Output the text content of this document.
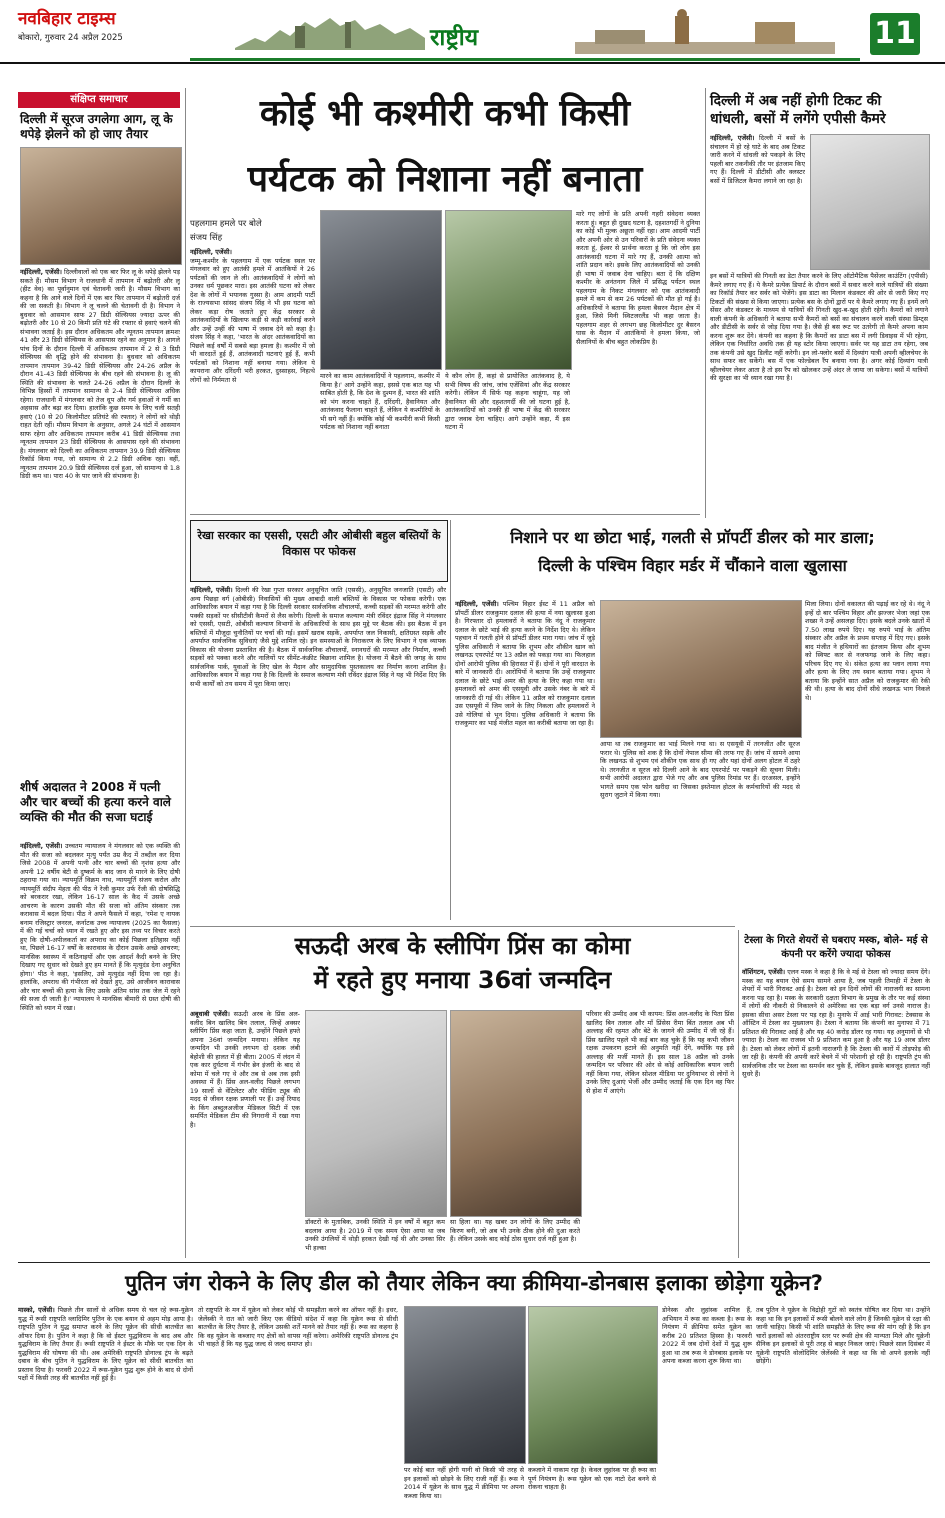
नवबिहार टाइम्स
बोकारो, गुरुवार 24 अप्रैल 2025	राष्ट्रीय	11
संक्षिप्त समाचार
दिल्ली में सूरज उगलेगा आग, लू के थपेड़े झेलने को हो जाए तैयार
नईदिल्ली, एजेंसी। दिल्लीवालों को एक बार फिर लू के थपेड़े झेलने पड़ सकते हैं। मौसम विभाग ने राजधानी में तापमान में बढ़ोतरी और लू (हीट वेव) का पूर्वानुमान एवं चेतावनी जारी है। मौसम विभाग का कहना है कि आने वाले दिनों में एक बार फिर तापमान में बढ़ोतरी दर्ज की जा सकती है। विभाग ने लू चलने की चेतावनी दी है। विभाग ने बुधवार को आसमान साफ 27 डिग्री सेल्सियस ज्यादा ऊपर की बढ़ोतरी और 10 से 20 किमी प्रति घंटे की रफ्तार से हवाएं चलने की संभावना जताई है। इस दौरान अधिकतम और न्यूनतम तापमान क्रमशः 41 और 23 डिग्री सेल्सियस के आसपास रहने का अनुमान है। आगले पांच दिनों के दौरान दिल्ली में अधिकतम तापमान में 2 से 3 डिग्री सेल्सियस की वृद्धि होने की संभावना है। बुधवार को अधिकतम तापमान तापमान 39-42 डिग्री सेल्सियस और 24-26 अप्रैल के दौरान 41-43 डिग्री सेल्सियस के बीच रहने की संभावना है। लू की स्थिति की संभावना के चलते 24-26 अप्रैल के दौरान दिल्ली के विभिन्न हिस्सों में तापमान सामान्य से 2-4 डिग्री सेल्सियस अधिक रहेगा। राजधानी में मंगलवार को तेज धूप और गर्म हवाओं ने गर्मी का अहसास और बढ़ा कर दिया। हालांकि कुछ समय के लिए चली सतही हवाएं (10 से 20 किलोमीटर प्रतिघंटे की रफ्तार) ने लोगों को थोड़ी राहत देती रहीं। मौसम विभाग के अनुसार, अगले 24 घंटों में आसमान साफ रहेगा और अधिकतम तापमान करीब 41 डिग्री सेल्सियस तथा न्यूनतम तापमान 23 डिग्री सेल्सियस के आसपास रहने की संभावना है। मंगलवार को दिल्ली का अधिकतम तापमान 39.9 डिग्री सेल्सियस रिकॉर्ड किया गया, जो सामान्य से 2.2 डिग्री अधिक रहा। वहीं, न्यूनतम तापमान 20.9 डिग्री सेल्सियस दर्ज हुआ, जो सामान्य से 1.8 डिग्री कम था। पारा 40 के पार जाने की संभावना है।
शीर्ष अदालत ने 2008 में पत्नी और चार बच्चों की हत्या करने वाले व्यक्ति की मौत की सजा घटाई
नईदिल्ली, एजेंसी। उच्चतम न्यायालय ने मंगलवार को एक व्यक्ति की मौत की सजा को बदलकर मृत्यु पर्यंत उम्र कैद में तब्दील कर दिया जिसे 2008 में अपनी पत्नी और चार बच्चों की नृशंस हत्या और अपनी 12 वर्षीय बेटी से दुष्कर्म के बाद जान से मारने के लिए दोषी ठहराया गया था। न्यायमूर्ति विक्रम नाथ, न्यायमूर्ति संजय करोल और न्यायमूर्ति संदीप मेहता की पीठ ने रेजी कुमार उर्फ रेंजी की दोषसिद्धि को बरकरार रखा, लेकिन 16-17 साल के कैद में उसके अच्छे आचरण के कारण उसकी मौत की सजा को अंतिम संस्कार तक करावास में बदल दिया। पीठ ने अपने फैसले में कहा, 'रमेश ए नायक बनाम रजिस्ट्रार जनरल, कर्नाटक उच्च न्यायालय (2025 का फैसला) में की गई चर्चा को ध्यान में रखते हुए और इस तथ्य पर विचार करते हुए कि दोषी-अपीलकर्ता का अपराध का कोई पिछला इतिहास नहीं था, पिछले 16-17 वर्षों के कारावास के दौरान उसके अच्छे आचरण; मानसिक स्वास्थ्य में कठिनाइयों और एक आदर्श कैदी बनने के लिए दिखाए गए सुधार को देखते हुए हम मानते हैं कि मृत्युदंड देना अनुचित होगा।' पीठ ने कहा, 'इसलिए, उसे मृत्युदंड नहीं दिया जा रहा है। हालांकि, अपराध की गंभीरता को देखते हुए, उसे आजीवन कारावास और चार बच्चों की हत्या के लिए उसके अंतिम सांस तक जेल में रहने की सजा दी जाती है।' न्यायालय ने मानसिक बीमारी से ग्रस्त दोषी की स्थिति को ध्यान में रखा।
कोई भी कश्मीरी कभी किसी
पर्यटक को निशाना नहीं बनाता
पहलगाम हमले पर बोले
संजय सिंह
नईदिल्ली, एजेंसी।
जम्मू-कश्मीर के पहलगाम में एक पर्यटक स्थल पर मंगलवार को हुए आतंकी हमले में आतंकियों ने 26 पर्यटकों की जान ले ली। आतंकवादियों ने लोगों को उनका धर्म पूछकर मारा। इस आतंकी घटना को लेकर देश के लोगों में भयानक गुस्सा है। आम आदमी पार्टी के राज्यसभा सांसद संजय सिंह ने भी इस घटना को लेकर कड़ा रोष जताते हुए केंद्र सरकार से आतंकवादियों के खिलाफ कड़ी से कड़ी कार्रवाई करने और उन्हें उन्हीं की भाषा में जवाब देने को कहा है। संजय सिंह ने कहा, 'भारत के अंदर आतंकवादियों का पिछले कई वर्षों में सबसे बड़ा हमला है। कश्मीर में जो भी वारदातें हुई हैं, आतंकवादी घटनाएं हुई हैं, कभी पर्यटकों को निशाना नहीं बनाया गया। लेकिन ये कायराना और दरिंदगी भरी हरकत, दुस्साहस, निहत्थे लोगों को निर्ममता से	मारने का काम आतंकवादियों ने पहलगाम, कश्मीर में किया है।' आगे उन्होंने कहा, इससे एक बात यह भी साबित होती है, कि देश के दुश्मन हैं, भारत की शांति को भंग करना चाहते हैं, दरिंदगी, हैवानियत और आतंकवाद फैलाना चाहते हैं, लेकिन ये कश्मीरियों के भी सगे नहीं हैं। क्योंकि कोई भी कश्मीरी कभी किसी पर्यटक को निशाना नहीं बनाता
ये कौन लोग हैं, कहां से प्रायोजित आतंकवाद है, ये सभी विषय की जांच, जांच एजेंसियां और केंद्र सरकार करेगी। लेकिन मैं सिर्फ यह कहना चाहूंगा, यह जो हैवानियत की और दहशतगर्दी की जो घटना हुई है, आतंकवादियों को उनकी ही भाषा में केंद्र की सरकार द्वारा जवाब देना चाहिए। आगे उन्होंने कहा, मैं इस घटना में
मारे गए लोगों के प्रति अपनी गहरी संवेदना व्यक्त करता हूं। बहुत ही दुखद घटना है, दहशतगर्दी ने दुनिया का कोई भी मुल्क अछूता नहीं रहा। आम आदमी पार्टी और अपनी ओर से उन परिवारों के प्रति संवेदना व्यक्त करता हूं, ईश्वर से प्रार्थना करता हूं कि जो लोग इस आतंकवादी घटना में मारे गए हैं, उनकी आत्मा को शांति प्रदान करे। इसके लिए आतंकवादियों को उनकी ही भाषा में जवाब देना चाहिए। बता दें कि दक्षिण कश्मीर के अनंतनाग जिले में प्रसिद्ध पर्यटन स्थल पहलगाम के निकट मंगलवार को एक आतंकवादी हमले में कम से कम 26 पर्यटकों की मौत हो गई है। अधिकारियों ने बताया कि हमला बैसरन मैदान क्षेत्र में हुआ, जिसे मिनी स्विटजरलैंड भी कहा जाता है। पहलगाम शहर से लगभग छह किलोमीटर दूर बैसरन घास के मैदान में आतंकियों ने हमला किया, जो सैलानियों के बीच बहुत लोकप्रिय है।
दिल्ली में अब नहीं होगी टिकट की धांधली, बसों में लगेंगे एपीसी कैमरे
नईदिल्ली, एजेंसी। दिल्ली में बसों के संचालन में हो रहे घाटे के बाद अब टिकट जारी करने में धांधली को पकड़ने के लिए पहली बार तकनीकी तौर पर इंतजाम किए गए हैं। दिल्ली में डीटीसी और क्लस्टर बसों में डिजिटल कैमरा लगाने जा रहा है।
इन बसों में यात्रियों की गिनती का डेटा तैयार करने के लिए ऑटोमैटिक पैसेंजर काउंटिंग (एपीसी) कैमरे लगाए गए हैं। ये कैमरे प्रत्येक डिपार्ट के दौरान बसों में सवार करने वाले यात्रियों की संख्या का रिकॉर्ड तैयार कर सर्वर को भेजेंगे। इस डाटा का मिलान कंडक्टर की ओर से जारी किए गए टिकटों की संख्या से किया जाएगा। प्रत्येक बस के दोनों द्वारों पर ये कैमरे लगाए गए हैं। इनमें लगे सेंसर और कंडक्टर के माध्यम से यात्रियों की गिनती खुद-ब-खुद होती रहेगी। कैमरों को लगाने वाली कंपनी के अधिकारी ने बताया सभी कैमरों को बसों का संचालन करने वाली संस्था डिम्ट्स और डीटीसी के सर्वर से जोड़ दिया गया है। जैसे ही बस रूट पर उतरेगी तो कैमरे अपना काम करना शुरू कर देंगे। कंपनी का कहना है कि कैमरों का डाटा बस में लगी डिवाइस में भी रहेगा, लेकिन एक निर्धारित अवधि तक ही यह स्टोर किया जाएगा। सर्वर पर यह डाटा तय रहेगा, जब तक कंपनी उसे खुद डिलीट नहीं करेगी। इन लो-फ्लोर बसों में दिव्यांग यात्री अपनी व्हीलचेयर के साथ सफर कर सकेंगे। बस में एक फोल्डेबल रैंप बनाया गया है। अगर कोई दिव्यांग यात्री व्हीलचेयर लेकर आता है तो इस रैंप को खोलकर उन्हें अंदर ले जाया जा सकेगा। बसों में यात्रियों की सुरक्षा का भी ध्यान रखा गया है।
रेखा सरकार का एससी, एसटी और ओबीसी बहुल बस्तियों के विकास पर फोकस
नईदिल्ली, एजेंसी। दिल्ली की रेखा गुप्ता सरकार अनुसूचित जाति (एससी), अनुसूचित जनजाति (एसटी) और अन्य पिछड़ा वर्ग (ओबीसी) निवासियों की मुख्य आबादी वाली बस्तियों के विकास पर फोकस करेगी। एक आधिकारिक बयान में कहा गया है कि दिल्ली सरकार सार्वजनिक शौचालयों, कच्ची सड़कों की मरम्मत करेगी और पक्की सड़कों पर सीसीटीवी कैमरों से लैस करेगी। दिल्ली के समाज कल्याण मंत्री रविंदर इंद्राज सिंह ने मंगलवार को एससी, एसटी, ओबीसी कल्याण विभागों के अधिकारियों के साथ इस मुद्दे पर बैठक की। इस बैठक में इन बस्तियों में मौजूदा चुनौतियों पर चर्चा की गई। इसमें खराब सड़कें, अपर्याप्त जल निकासी, क्षतिग्रस्त सड़कें और अपर्याप्त सार्वजनिक सुविधाएं जैसे मुद्दे शामिल रहे। इन समस्याओं के निराकरण के लिए विभाग ने एक व्यापक विकास की योजना प्रस्तावित की है। बैठक में सार्वजनिक शौचालयों, स्नानघरों की मरम्मत और निर्माण, कच्ची सड़कों को पक्का करने और नालियों पर सीमेंट-कंक्रीट बिछाना शामिल है। योजना में बैठने की जगह के साथ सार्वजनिक पार्क, युवाओं के लिए खेल के मैदान और सामुदायिक पुस्तकालय का निर्माण करना शामिल है। आधिकारिक बयान में कहा गया है कि दिल्ली के समाज कल्याण मंत्री रविंदर इंद्राज सिंह ने यह भी निर्देश दिए कि सभी कार्यों को तय समय में पूरा किया जाए।
निशाने पर था छोटा भाई, गलती से प्रॉपर्टी डीलर को मार डाला;
दिल्ली के पश्चिम विहार मर्डर में चौंकाने वाला खुलासा
नईदिल्ली, एजेंसी। पश्चिम विहार ईस्ट में 11 अप्रैल को प्रॉपर्टी डीलर राजकुमार दलाल की हत्या में नया खुलासा हुआ है। गिरफ्तार दो हमलावरों ने बताया कि नंदू ने राजकुमार दलाल के छोटे भाई की हत्या करने के निर्देश दिए थे। लेकिन पहचान में गलती होने से प्रॉपर्टी डीलर मारा गया। जांच में जुड़े पुलिस अधिकारी ने बताया कि शुभम और शौकीन खान को लखनऊ एयरपोर्ट पर 13 अप्रैल को पकड़ा गया था। फिलहाल दोनों आरोपी पुलिस की हिरासत में हैं। दोनों ने पूरी वारदात के बारे में जानकारी दी। आरोपियों ने बताया कि उन्हें राजकुमार दलाल के छोटे भाई अमर की हत्या के लिए कहा गया था। हमलावरों को अमर की एसयूवी और उसके नंबर के बारे में जानकारी दी गई थी। लेकिन 11 अप्रैल को राजकुमार दलाल उस एसयूवी में जिम जाने के लिए निकला और हमलावरों ने उसे गोलियां से भून दिया। पुलिस अधिकारी ने बताया कि राजकुमार का भाई मंजीत महल का करीबी बताया जा रहा है।
आया था तब राजकुमार का भाई मिलने गया था। स एसयूवी में तरनजीत और सूरज फरार थे। पुलिस को शक है कि दोनों नेपाल सीमा की तरफ गए हैं। जांच में सामने आया कि लखनऊ से शुभम एवं शौकीन एक साथ ही गए और यहां दोनों अलग होटल में ठहरे थे। तरनजीत व सूरज को दिल्ली आने के बाद एयरपोर्ट पर पकड़ने की सूचना मिली। सभी आरोपी अदालत द्वारा भेजे गए और अब पुलिस रिमांड पर हैं। दरअसल, इन्होंने भागते समय एक फोन खरीदा था जिसका इस्तेमाल होटल के कर्मचारियों की मदद से सुराग जुटाने में किया गया।
मिला लिया। दोनों वकालत की पढ़ाई कर रहे थे। नंदू ने इन्हें दो बार पश्चिम विहार और झज्जर भेजा जहां एक शख्स ने उन्हें असलहा दिए। इसके बदले उनके खातों में 7.50 लाख रुपये दिए। यह रुपये भाई के अंतिम संस्कार और अप्रैल के प्रथम सप्ताह में दिए गए। इसके बाद मंजीत ने हथियारों का इंतजाम किया और शुभम को स्विफ्ट कार से नजफगढ़ जाने के लिए कहा। परिचय दिए गए थे। संकेत हत्या का प्लान लाया गया और हत्या के लिए तय स्थान बताया गया। शुभम ने बताया कि इन्होंने सात अप्रैल को राजकुमार की रेकी की थी। हत्या के बाद दोनों सीधे लखनऊ भाग निकले थे।
सऊदी अरब के स्लीपिंग प्रिंस का कोमा
में रहते हुए मनाया 36वां जन्मदिन
अबूधाबी एजेंसी। सऊदी अरब के प्रिंस अल-वलीद बिन खालिद बिन तलाल, जिन्हें अक्सर स्लीपिंग प्रिंस कहा जाता है, उन्होंने पिछले हफ्ते अपना 36वां जन्मदिन मनाया। लेकिन यह जन्मदिन भी उनकी लगभग दो दशक लंबी बेहोशी की हालत में ही बीता। 2005 में लंदन में एक कार दुर्घटना में गंभीर ब्रेन इंजरी के बाद से कोमा में चले गए थे और तब से अब तक इसी अवस्था में हैं। प्रिंस अल-वलीद पिछले लगभग 19 सालों से वेंटिलेटर और फीडिंग ट्यूब की मदद से जीवन रक्षक प्रणाली पर हैं। उन्हें रियाद के किंग अब्दुलअजीज मेडिकल सिटी में एक समर्पित मेडिकल टीम की निगरानी में रखा गया है।
डॉक्टरों के मुताबिक, उनकी स्थिति में इन वर्षों में बहुत कम बदलाव आया है। 2019 में एक समय ऐसा आया था जब उनकी उंगलियों में थोड़ी हरकत देखी गई थी और उनका सिर भी हल्का
सा हिला था। यह खबर उन लोगों के लिए उम्मीद की किरण बनी, जो अब भी उनके ठीक होने की दुआ करते हैं। लेकिन उसके बाद कोई ठोस सुधार दर्ज नहीं हुआ है।
परिवार की उम्मीद अब भी कायम: प्रिंस अल-वलीद के पिता प्रिंस खालिद बिन तलाल और माँ प्रिंसेस रीमा बिंत तलाल अब भी अल्लाह की रहमत और बेटे के जागने की उम्मीद में जी रहे हैं। प्रिंस खालिद पहले भी कई बार कह चुके हैं कि यह कभी जीवन रक्षक उपकरण हटाने की अनुमति नहीं देंगे, क्योंकि यह इसे अल्लाह की मर्जी मानते हैं। इस साल 18 अप्रैल को उनके जन्मदिन पर परिवार की ओर से कोई आधिकारिक बयान जारी नहीं किया गया, लेकिन सोशल मीडिया पर दुनियाभर से लोगों ने उनके लिए दुआएं भेजीं और उम्मीद जताई कि एक दिन वह फिर से होश में आएंगे।
टेस्ला के गिरते शेयरों से घबराए मस्क, बोले- मई से कंपनी पर करेंगे ज्यादा फोकस
वॉशिंगटन, एजेंसी। एलन मस्क ने कहा है कि वे मई से टेस्ला को ज्यादा समय देंगे। मस्क का यह बयान ऐसे समय सामने आया है, जब पहली तिमाही में टेस्ला के शेयरों में भारी गिरावट आई है। टेस्ला को इन दिनों लोगों की नाराजगी का सामना करना पड़ रहा है। मस्क के सरकारी दक्षता विभाग के प्रमुख के तौर पर कई संस्था में लोगों की नौकरी से निकालने से अमेरिका का एक बड़ा वर्ग उनसे नाराज है। इसका सीधा असर टेस्ला पर पड़ रहा है। मुनाफे में आई भारी गिरावट: टेक्सास के ऑस्टिन में टेस्ला का मुख्यालय है। टेस्ला ने बताया कि कंपनी का मुनाफा में 71 प्रतिशत की गिरावट आई है और यह 40 करोड़ डॉलर रह गया। यह अनुमानों से भी ज्यादा है। टेस्ला का राजस्व भी 9 प्रतिशत कम हुआ है और यह 19 अरब डॉलर है। टेस्ला को लेकर लोगों में इतनी नाराजगी है कि टेस्ला की कारों में तोड़फोड़ की जा रही है। कंपनी की अपनी कारें बेचने में भी परेशानी हो रही है। राष्ट्रपति ट्रंप की सार्वजनिक तौर पर टेस्ला का समर्थन कर चुके हैं, लेकिन इसके बावजूद हालात नहीं सुधरे हैं।
पुतिन जंग रोकने के लिए डील को तैयार लेकिन क्या क्रीमिया-डोनबास इलाका छोड़ेगा यूक्रेन?
मास्को, एजेंसी। पिछले तीन सालों से अधिक समय से चल रहे रूस-यूक्रेन युद्ध में रूसी राष्ट्रपति व्लादिमिर पुतिन के एक बयान से अहम मोड़ आया है। राष्ट्रपति पुतिन ने युद्ध समाप्त करने के लिए यूक्रेन की सीधी बातचीत का ऑफर दिया है। पुतिन ने कहा है कि वो ईस्टर युद्धविराम के बाद अब और युद्धविराम के लिए तैयार हैं। रूसी राष्ट्रपति ने ईस्टर के मौके पर एक दिन के युद्धविराम की घोषणा की थी। अब अमेरिकी राष्ट्रपति डोनाल्ड ट्रंप के बढ़ते दबाव के बीच पुतिन ने युद्धविराम के लिए यूक्रेन को सीधी बातचीत का प्रस्ताव दिया है। फरवरी 2022 में रूस-यूक्रेन युद्ध शुरू होने के बाद से दोनों पक्षों में किसी तरह की बातचीत नहीं हुई है।
तो राष्ट्रपति के मन में यूक्रेन को लेकर कोई भी समझौता करने का ऑफर नहीं है। इधर, जेलेंस्की ने रात को जारी किए एक वीडियो संदेश में कहा कि यूक्रेन रूस से सीधी बातचीत के लिए तैयार है, लेकिन उसकी शर्तें मानने को तैयार नहीं है। रूस का कहना है कि वह यूक्रेन के कब्जाए गए क्षेत्रों को वापस नहीं करेगा। अमेरिकी राष्ट्रपति डोनाल्ड ट्रंप भी चाहते हैं कि यह युद्ध जल्द से जल्द समाप्त हो।
पर कोई बात नहीं होगी यानी वो किसी भी तरह से इन इलाकों को छोड़ने के लिए राजी नहीं हैं। रूस ने 2014 में यूक्रेन के साथ युद्ध में क्रीमिया पर अपना कब्जा किया था।
कब्जाने में नाकाम रहा है। केवल लुहांस्क पर ही रूस का पूर्ण नियंत्रण है। रूस यूक्रेन को एक नाटो देश बनने से रोकना चाहता है।
डोनेस्क और लुहांस्क शामिल हैं, अभियान में रूस का कब्जा है। रूस के नियंत्रण में क्रीमिया समेत यूक्रेन का करीब 20 प्रतिशत हिस्सा है। फरवरी 2022 में जब दोनों देशों में युद्ध शुरू हुआ था तब रूस ने डोनबास इलाके पर अपना कब्जा करना शुरू किया था।
तब पुतिन ने यूक्रेन के विद्रोही गुटों को स्वतंत्र घोषित कर दिया था। उन्होंने कहा था कि इन इलाकों में रूसी बोलने वाले लोग हैं जिनकी यूक्रेन से रक्षा की जानी चाहिए। किसी भी शांति समझौते के लिए रूस की मांग रही है कि इन चारों इलाकों को अंतरराष्ट्रीय स्तर पर रूसी क्षेत्र की मान्यता मिले और यूक्रेनी सैनिक इन इलाकों से पूरी तरह से बाहर निकल जाएं। पिछले साल दिसंबर में यूक्रेनी राष्ट्रपति वोलोदिमिर जेलेंस्की ने कहा था कि वो अपने इलाके नहीं छोड़ेंगे।
